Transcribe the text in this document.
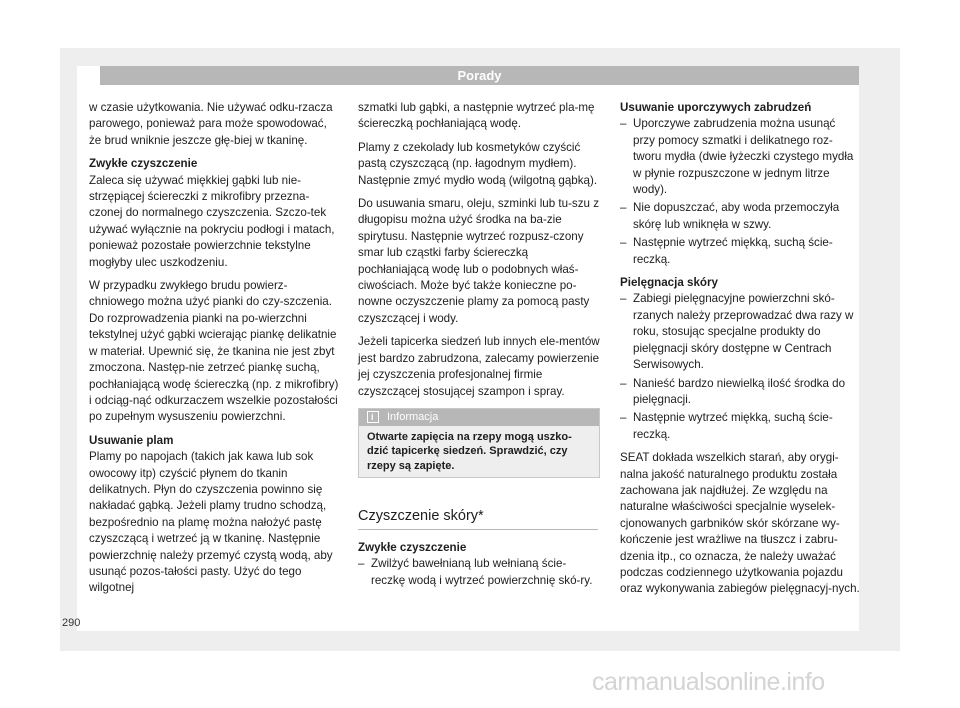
Porady

w czasie użytkowania. Nie używać odku-rzacza parowego, ponieważ para może spowodować, że brud wniknie jeszcze głę-biej w tkaninę.

Zwykłe czyszczenie

Zaleca się używać miękkiej gąbki lub nie-strzępiącej ściereczki z mikrofibry przezna-czonej do normalnego czyszczenia. Szczo-tek używać wyłącznie na pokryciu podłogi i matach, ponieważ pozostałe powierzchnie tekstylne mogłyby ulec uszkodzeniu.

W przypadku zwykłego brudu powierz-chniowego można użyć pianki do czy-szczenia. Do rozprowadzenia pianki na po-wierzchni tekstylnej użyć gąbki wcierając piankę delikatnie w materiał. Upewnić się, że tkanina nie jest zbyt zmoczona. Następ-nie zetrzeć piankę suchą, pochłaniającą wodę ściereczką (np. z mikrofibry) i odciąg-nąć odkurzaczem wszelkie pozostałości po zupełnym wysuszeniu powierzchni.

Usuwanie plam

Plamy po napojach (takich jak kawa lub sok owocowy itp) czyścić płynem do tkanin delikatnych. Płyn do czyszczenia powinno się nakładać gąbką. Jeżeli plamy trudno schodzą, bezpośrednio na plamę można nałożyć pastę czyszczącą i wetrzeć ją w tkaninę. Następnie powierzchnię należy przemyć czystą wodą, aby usunąć pozos-tałości pasty. Użyć do tego wilgotnej

szmatki lub gąbki, a następnie wytrzeć pla-mę ściereczką pochłaniającą wodę.

Plamy z czekolady lub kosmetyków czyścić pastą czyszczącą (np. łagodnym mydłem). Następnie zmyć mydło wodą (wilgotną gąbką).

Do usuwania smaru, oleju, szminki lub tu-szu z długopisu można użyć środka na ba-zie spirytusu. Następnie wytrzeć rozpusz-czony smar lub cząstki farby ściereczką pochłaniającą wodę lub o podobnych właś-ciwościach. Może być także konieczne po-nowne oczyszczenie plamy za pomocą pasty czyszczącej i wody.

Jeżeli tapicerka siedzeń lub innych ele-mentów jest bardzo zabrudzona, zalecamy powierzenie jej czyszczenia profesjonalnej firmie czyszczącej stosującej szampon i spray.

i
Informacja
Otwarte zapięcia na rzepy mogą uszko-dzić tapicerkę siedzeń. Sprawdzić, czy rzepy są zapięte.
Czyszczenie skóry*
Zwykłe czyszczenie
– Zwilżyć bawełnianą lub wełnianą ście-reczkę wodą i wytrzeć powierzchnię skó-ry.
Usuwanie uporczywych zabrudzeń
– Uporczywe zabrudzenia można usunąć przy pomocy szmatki i delikatnego roz-tworu mydła (dwie łyżeczki czystego mydła w płynie rozpuszczone w jednym litrze wody).
– Nie dopuszczać, aby woda przemoczyła skórę lub wniknęła w szwy.
– Następnie wytrzeć miękką, suchą ście-reczką.
Pielęgnacja skóry
– Zabiegi pielęgnacyjne powierzchni skó-rzanych należy przeprowadzać dwa razy w roku, stosując specjalne produkty do pielęgnacji skóry dostępne w Centrach Serwisowych.
– Nanieść bardzo niewielką ilość środka do pielęgnacji.
– Następnie wytrzeć miękką, suchą ście-reczką.

SEAT dokłada wszelkich starań, aby orygi-nalna jakość naturalnego produktu została zachowana jak najdłużej. Ze względu na naturalne właściwości specjalnie wyselek-cjonowanych garbników skór skórzane wy-kończenie jest wrażliwe na tłuszcz i zabru-dzenia itp., co oznacza, że należy uważać podczas codziennego użytkowania pojazdu oraz wykonywania zabiegów pielęgnacyj-nych.

290
carmanualsonline.info
